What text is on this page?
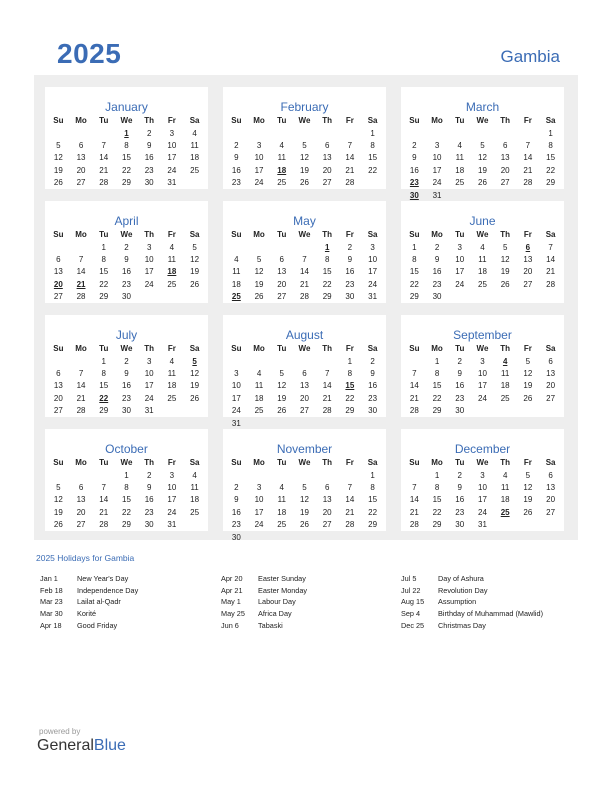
2025	Gambia
January
Su	Mo	Tu	We	Th	Fr	Sa
			1	2	3	4
5	6	7	8	9	10	11
12	13	14	15	16	17	18
19	20	21	22	23	24	25
26	27	28	29	30	31	
February
Su	Mo	Tu	We	Th	Fr	Sa
						1
2	3	4	5	6	7	8
9	10	11	12	13	14	15
16	17	18	19	20	21	22
23	24	25	26	27	28	
March
Su	Mo	Tu	We	Th	Fr	Sa
						1
2	3	4	5	6	7	8
9	10	11	12	13	14	15
16	17	18	19	20	21	22
23	24	25	26	27	28	29
30	31					
April
Su	Mo	Tu	We	Th	Fr	Sa
		1	2	3	4	5
6	7	8	9	10	11	12
13	14	15	16	17	18	19
20	21	22	23	24	25	26
27	28	29	30			
May
Su	Mo	Tu	We	Th	Fr	Sa
				1	2	3
4	5	6	7	8	9	10
11	12	13	14	15	16	17
18	19	20	21	22	23	24
25	26	27	28	29	30	31
June
Su	Mo	Tu	We	Th	Fr	Sa
1	2	3	4	5	6	7
8	9	10	11	12	13	14
15	16	17	18	19	20	21
22	23	24	25	26	27	28
29	30					
July
Su	Mo	Tu	We	Th	Fr	Sa
		1	2	3	4	5
6	7	8	9	10	11	12
13	14	15	16	17	18	19
20	21	22	23	24	25	26
27	28	29	30	31		
August
Su	Mo	Tu	We	Th	Fr	Sa
					1	2
3	4	5	6	7	8	9
10	11	12	13	14	15	16
17	18	19	20	21	22	23
24	25	26	27	28	29	30
31						
September
Su	Mo	Tu	We	Th	Fr	Sa
	1	2	3	4	5	6
7	8	9	10	11	12	13
14	15	16	17	18	19	20
21	22	23	24	25	26	27
28	29	30				
October
Su	Mo	Tu	We	Th	Fr	Sa
			1	2	3	4
5	6	7	8	9	10	11
12	13	14	15	16	17	18
19	20	21	22	23	24	25
26	27	28	29	30	31	
November
Su	Mo	Tu	We	Th	Fr	Sa
						1
2	3	4	5	6	7	8
9	10	11	12	13	14	15
16	17	18	19	20	21	22
23	24	25	26	27	28	29
30						
December
Su	Mo	Tu	We	Th	Fr	Sa
	1	2	3	4	5	6
7	8	9	10	11	12	13
14	15	16	17	18	19	20
21	22	23	24	25	26	27
28	29	30	31			
2025 Holidays for Gambia
Jan 1	New Year's Day
Feb 18 Independence Day
Mar 23 Lailat al-Qadr
Mar 30 Korité
Apr 18 Good Friday
Apr 20 Easter Sunday
Apr 21 Easter Monday
May 1 Labour Day
May 25 Africa Day
Jun 6	Tabaski
Jul 5	Day of Ashura
Jul 22 Revolution Day
Aug 15 Assumption
Sep 4 Birthday of Muhammad (Mawlid)
Dec 25 Christmas Day
powered by
GeneralBlue
